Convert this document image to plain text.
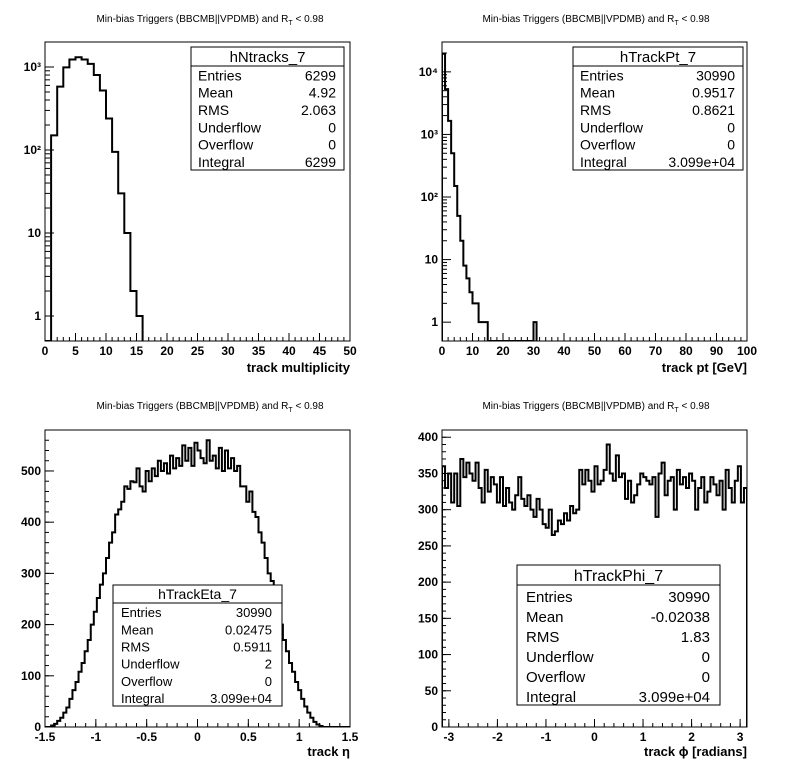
Min-bias Triggers (BBCMB||VPDMB) and $R_T < 0.98$
0 5 10 15 20 25 30 35 40 45 50
1
10
10²
10³
track multiplicity
hNtracks_7
Entries	6299
Mean	4.92
RMS	2.063
Underflow	0
Overflow	0
Integral	6299
Min-bias Triggers (BBCMB||VPDMB) and $R_T < 0.98$
0 10 20 30 40 50 60 70 80 90 100
1
10
10²
10³
10⁴
track pt [GeV]
hTrackPt_7
Entries	30990
Mean	0.9517
RMS	0.8621
Underflow	0
Overflow	0
Integral	3.099e+04
Min-bias Triggers (BBCMB||VPDMB) and $R_T < 0.98$
-1.5	-1	-0.5	0	0.5	1	1.5
0
100
200
300
400
500
track η
hTrackEta_7
Entries	30990
Mean	0.02475
RMS	0.5911
Underflow	2
Overflow	0
Integral	3.099e+04
Min-bias Triggers (BBCMB||VPDMB) and $R_T < 0.98$
-3	-2	-1	0	1	2	3
0
50
100
150
200
250
300
350
400
track ϕ [radians]
hTrackPhi_7
Entries	30990
Mean	-0.02038
RMS	1.83
Underflow	0
Overflow	0
Integral	3.099e+04
